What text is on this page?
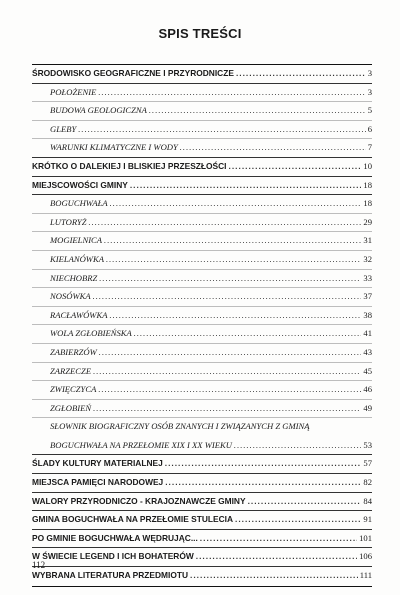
SPIS TREŚCI
ŚRODOWISKO GEOGRAFICZNE I PRZYRODNICZE .....	3
POŁOŻENIE .....	3
BUDOWA GEOLOGICZNA .....	5
GLEBY .....	6
WARUNKI KLIMATYCZNE I WODY .....	7
KRÓTKO O DALEKIEJ I BLISKIEJ PRZESZŁOŚCI .....	10
MIEJSCOWOŚCI GMINY .....	18
BOGUCHWAŁA .....	18
LUTORYŻ .....	29
MOGIELNICA .....	31
KIELANÓWKA .....	32
NIECHOBRZ .....	33
NOSÓWKA .....	37
RACŁAWÓWKA .....	38
WOLA ZGŁOBIEŃSKA .....	41
ZABIERZÓW .....	43
ZARZECZE .....	45
ZWIĘCZYCA .....	46
ZGŁOBIEŃ .....	49
SŁOWNIK BIOGRAFICZNY OSÓB ZNANYCH I ZWIĄZANYCH Z GMINĄ
BOGUCHWAŁA NA PRZEŁOMIE XIX I XX WIEKU .....	53
ŚLADY KULTURY MATERIALNEJ .....	57
MIEJSCA PAMIĘCI NARODOWEJ .....	82
WALORY PRZYRODNICZO - KRAJOZNAWCZE GMINY .....	84
GMINA BOGUCHWAŁA NA PRZEŁOMIE STULECIA .....	91
PO GMINIE BOGUCHWAŁA WĘDRUJĄC... .....	101
W ŚWIECIE LEGEND I ICH BOHATERÓW .....	106
WYBRANA LITERATURA PRZEDMIOTU .....	111
112
